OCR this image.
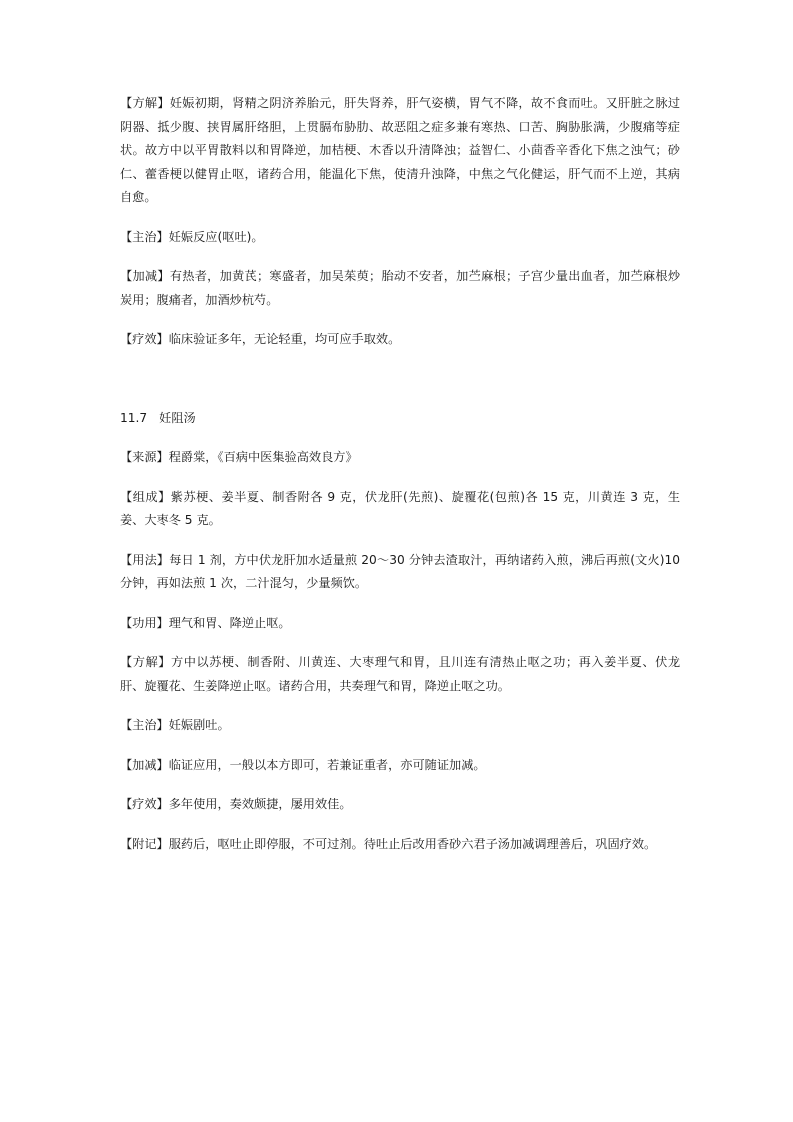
【方解】妊娠初期，肾精之阴济养胎元，肝失肾养，肝气姿横，胃气不降，故不食而吐。又肝脏之脉过阴器、抵少腹、挟胃属肝络胆，上贯膈布胁肋、故恶阻之症多兼有寒热、口苦、胸胁胀满，少腹痛等症状。故方中以平胃散料以和胃降逆，加桔梗、木香以升清降浊；益智仁、小茴香辛香化下焦之浊气；砂仁、藿香梗以健胃止呕，诸药合用，能温化下焦，使清升浊降，中焦之气化健运，肝气而不上逆，其病自愈。

【主治】妊娠反应(呕吐)。

【加减】有热者，加黄芪；寒盛者，加吴茱萸；胎动不安者，加苎麻根；子宫少量出血者，加苎麻根炒炭用；腹痛者，加酒炒杭芍。

【疗效】临床验证多年，无论轻重，均可应手取效。

11.7 妊阻汤

【来源】程爵棠，《百病中医集验高效良方》

【组成】紫苏梗、姜半夏、制香附各 9 克，伏龙肝(先煎)、旋覆花(包煎)各 15 克，川黄连 3 克，生姜、大枣冬 5 克。

【用法】每日 1 剂，方中伏龙肝加水适量煎 20～30 分钟去渣取汁，再纳诸药入煎，沸后再煎(文火)10 分钟，再如法煎 1 次，二汁混匀，少量频饮。

【功用】理气和胃、降逆止呕。

【方解】方中以苏梗、制香附、川黄连、大枣理气和胃，且川连有清热止呕之功；再入姜半夏、伏龙肝、旋覆花、生姜降逆止呕。诸药合用，共奏理气和胃，降逆止呕之功。

【主治】妊娠剧吐。

【加减】临证应用，一般以本方即可，若兼证重者，亦可随证加减。

【疗效】多年使用，奏效颇捷，屡用效佳。

【附记】服药后，呕吐止即停服，不可过剂。待吐止后改用香砂六君子汤加减调理善后，巩固疗效。
